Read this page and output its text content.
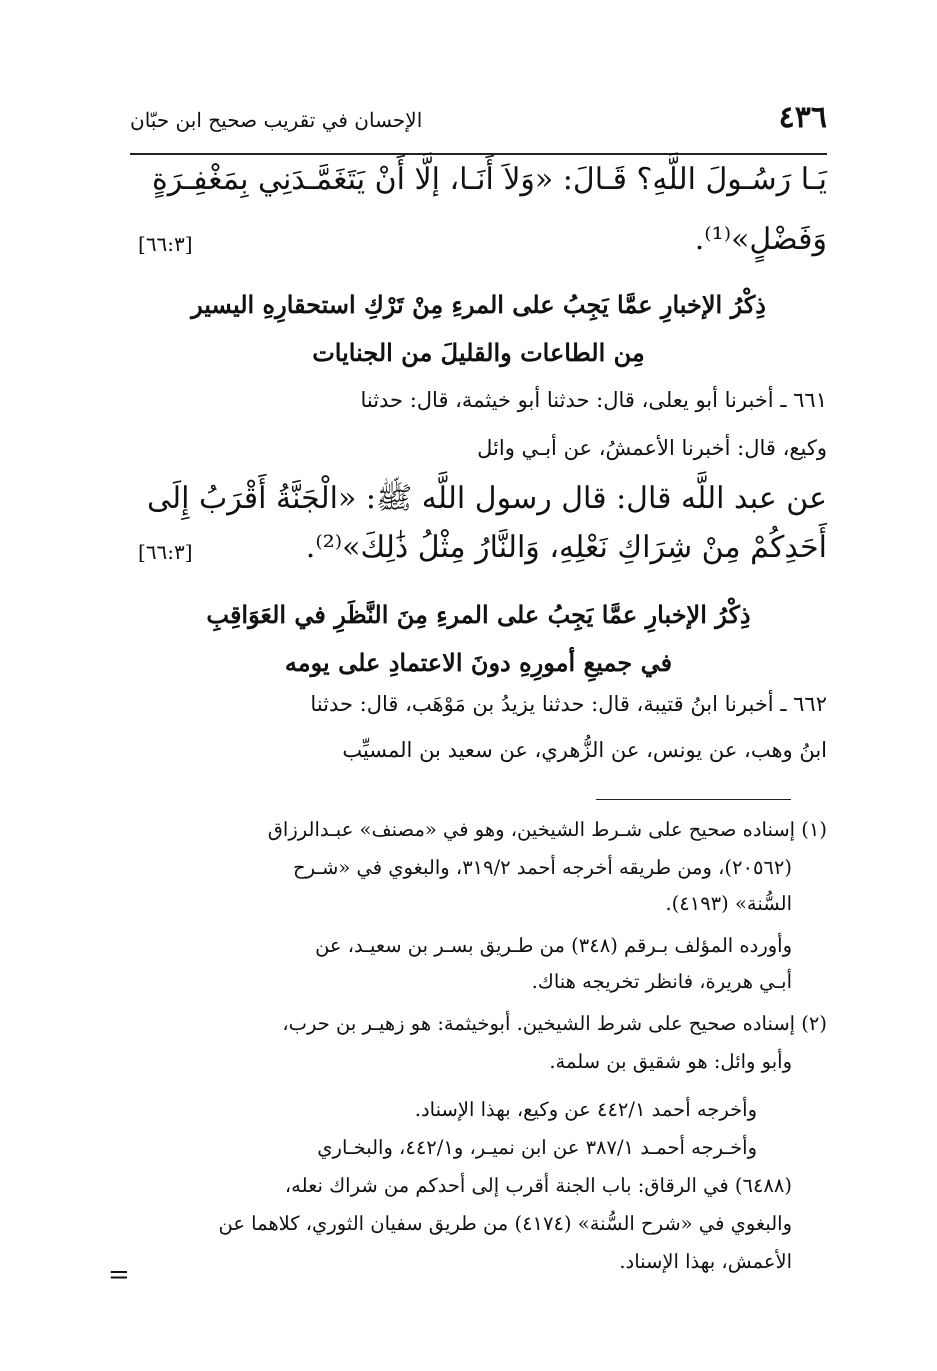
٤٣٦
الإحسان في تقريب صحيح ابن حبّان
يَـا رَسُـولَ اللَّهِ؟ قَـالَ: «وَلاَ أَنَـا، إلَّا أَنْ يَتَغَمَّـدَنِي بِمَغْفِـرَةٍ
وَفَضْلٍ»⁽¹⁾.
[٦٦:٣]
ذِكْرُ الإخبارِ عمَّا يَجِبُ على المرءِ مِنْ تَرْكِ استحقارِهِ اليسير
مِن الطاعات والقليلَ من الجنايات
٦٦١ ـ أخبرنا أبو يعلى، قال: حدثنا أبو خيثمة، قال: حدثنا
وكيع، قال: أخبرنا الأعمشُ، عن أبـي وائل
عن عبد اللَّه قال: قال رسول اللَّه ﷺ: «الْجَنَّةُ أَقْرَبُ إِلَى
أَحَدِكُمْ مِنْ شِرَاكِ نَعْلِهِ، وَالنَّارُ مِثْلُ ذَٰلِكَ»⁽²⁾.
[٦٦:٣]
ذِكْرُ الإخبارِ عمَّا يَجِبُ على المرءِ مِنَ النَّظَرِ في العَوَاقِبِ
في جميعِ أمورِهِ دونَ الاعتمادِ على يومه
٦٦٢ ـ أخبرنا ابنُ قتيبة، قال: حدثنا يزيدُ بن مَوْهَب، قال: حدثنا
ابنُ وهب، عن يونس، عن الزُّهري، عن سعيد بن المسيِّب
(١) إسناده صحيح على شـرط الشيخين، وهو في «مصنف» عبـدالرزاق
(٢٠٥٦٢)، ومن طريقه أخرجه أحمد ٣١٩/٢، والبغوي في «شـرح
السُّنة» (٤١٩٣).
وأورده المؤلف بـرقم (٣٤٨) من طـريق بسـر بن سعيـد، عن
أبـي هريرة، فانظر تخريجه هناك.
(٢) إسناده صحيح على شرط الشيخين. أبوخيثمة: هو زهيـر بن حرب،
وأبو وائل: هو شقيق بن سلمة.
وأخرجه أحمد ٤٤٢/١ عن وكيع، بهذا الإسناد.
وأخـرجه أحمـد ٣٨٧/١ عن ابن نميـر، و٤٤٢/١، والبخـاري
(٦٤٨٨) في الرقاق: باب الجنة أقرب إلى أحدكم من شراك نعله،
والبغوي في «شرح السُّنة» (٤١٧٤) من طريق سفيان الثوري، كلاهما عن
الأعمش، بهذا الإسناد.
=
